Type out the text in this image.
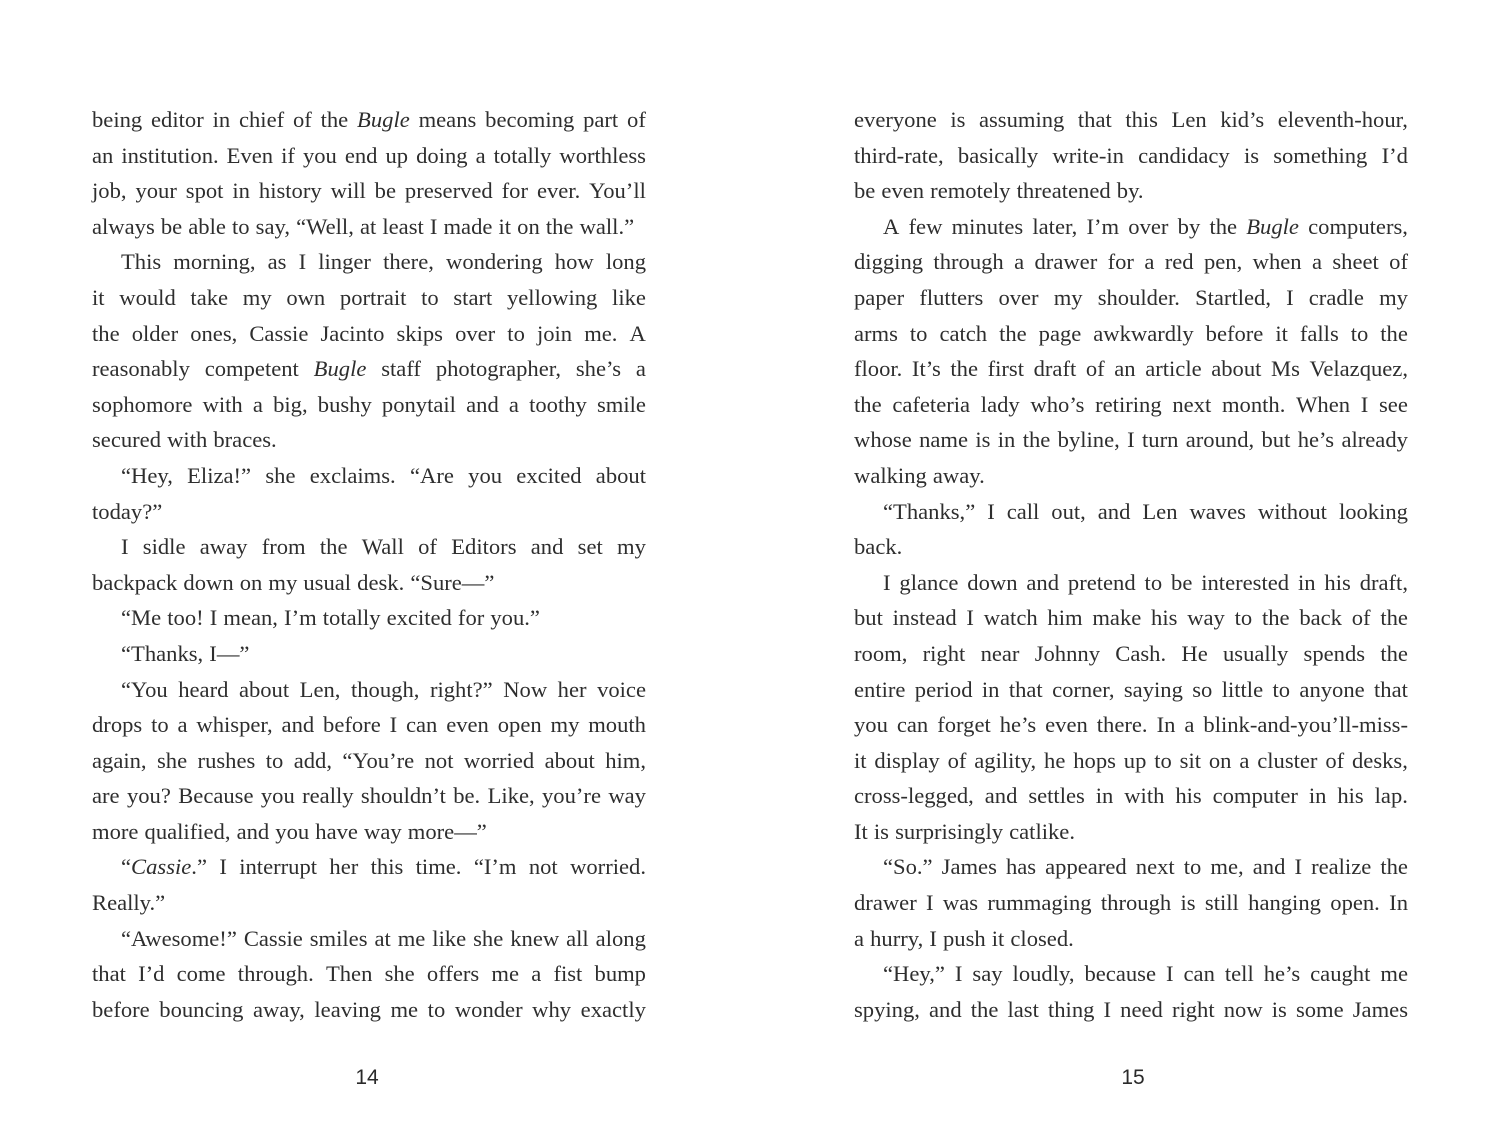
being editor in chief of the Bugle means becoming part of
an institution. Even if you end up doing a totally worthless
job, your spot in history will be preserved for ever. You’ll
always be able to say, “Well, at least I made it on the wall.”
This morning, as I linger there, wondering how long
it would take my own portrait to start yellowing like
the older ones, Cassie Jacinto skips over to join me. A
reasonably competent Bugle staff photographer, she’s a
sophomore with a big, bushy ponytail and a toothy smile
secured with braces.
“Hey, Eliza!” she exclaims. “Are you excited about
today?”
I sidle away from the Wall of Editors and set my
backpack down on my usual desk. “Sure—”
“Me too! I mean, I’m totally excited for you.”
“Thanks, I—”
“You heard about Len, though, right?” Now her voice
drops to a whisper, and before I can even open my mouth
again, she rushes to add, “You’re not worried about him,
are you? Because you really shouldn’t be. Like, you’re way
more qualified, and you have way more—”
“Cassie.” I interrupt her this time. “I’m not worried.
Really.”
“Awesome!” Cassie smiles at me like she knew all along
that I’d come through. Then she offers me a fist bump
before bouncing away, leaving me to wonder why exactly
14
everyone is assuming that this Len kid’s eleventh-hour,
third-rate, basically write-in candidacy is something I’d
be even remotely threatened by.
A few minutes later, I’m over by the Bugle computers,
digging through a drawer for a red pen, when a sheet of
paper flutters over my shoulder. Startled, I cradle my
arms to catch the page awkwardly before it falls to the
floor. It’s the first draft of an article about Ms Velazquez,
the cafeteria lady who’s retiring next month. When I see
whose name is in the byline, I turn around, but he’s already
walking away.
“Thanks,” I call out, and Len waves without looking
back.
I glance down and pretend to be interested in his draft,
but instead I watch him make his way to the back of the
room, right near Johnny Cash. He usually spends the
entire period in that corner, saying so little to anyone that
you can forget he’s even there. In a blink-and-you’ll-miss-
it display of agility, he hops up to sit on a cluster of desks,
cross-legged, and settles in with his computer in his lap.
It is surprisingly catlike.
“So.” James has appeared next to me, and I realize the
drawer I was rummaging through is still hanging open. In
a hurry, I push it closed.
“Hey,” I say loudly, because I can tell he’s caught me
spying, and the last thing I need right now is some James
15
